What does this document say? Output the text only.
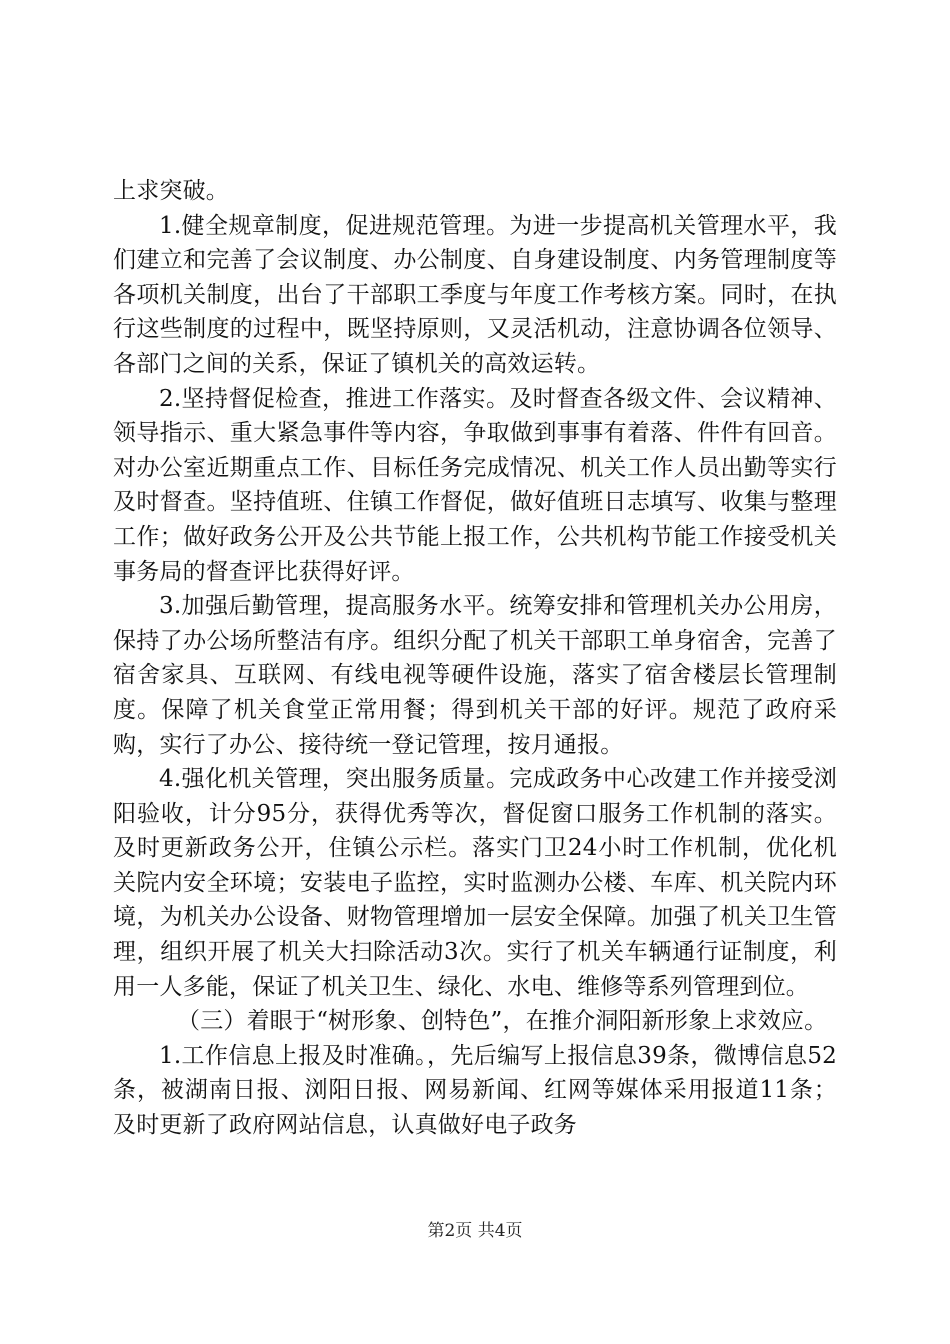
上求突破。

1.健全规章制度，促进规范管理。为进一步提高机关管理水平，我们建立和完善了会议制度、办公制度、自身建设制度、内务管理制度等各项机关制度，出台了干部职工季度与年度工作考核方案。同时，在执行这些制度的过程中，既坚持原则，又灵活机动，注意协调各位领导、各部门之间的关系，保证了镇机关的高效运转。

2.坚持督促检查，推进工作落实。及时督查各级文件、会议精神、领导指示、重大紧急事件等内容，争取做到事事有着落、件件有回音。对办公室近期重点工作、目标任务完成情况、机关工作人员出勤等实行及时督查。坚持值班、住镇工作督促，做好值班日志填写、收集与整理工作；做好政务公开及公共节能上报工作，公共机构节能工作接受机关事务局的督查评比获得好评。

3.加强后勤管理，提高服务水平。统筹安排和管理机关办公用房，保持了办公场所整洁有序。组织分配了机关干部职工单身宿舍，完善了宿舍家具、互联网、有线电视等硬件设施，落实了宿舍楼层长管理制度。保障了机关食堂正常用餐；得到机关干部的好评。规范了政府采购，实行了办公、接待统一登记管理，按月通报。

4.强化机关管理，突出服务质量。完成政务中心改建工作并接受浏阳验收，计分95分，获得优秀等次，督促窗口服务工作机制的落实。及时更新政务公开，住镇公示栏。落实门卫24小时工作机制，优化机关院内安全环境；安装电子监控，实时监测办公楼、车库、机关院内环境，为机关办公设备、财物管理增加一层安全保障。加强了机关卫生管理，组织开展了机关大扫除活动3次。实行了机关车辆通行证制度，利用一人多能，保证了机关卫生、绿化、水电、维修等系列管理到位。

（三）着眼于“树形象、创特色”，在推介洞阳新形象上求效应。

1.工作信息上报及时准确。，先后编写上报信息39条，微博信息52条，被湖南日报、浏阳日报、网易新闻、红网等媒体采用报道11条；及时更新了政府网站信息，认真做好电子政务

第2页 共4页
